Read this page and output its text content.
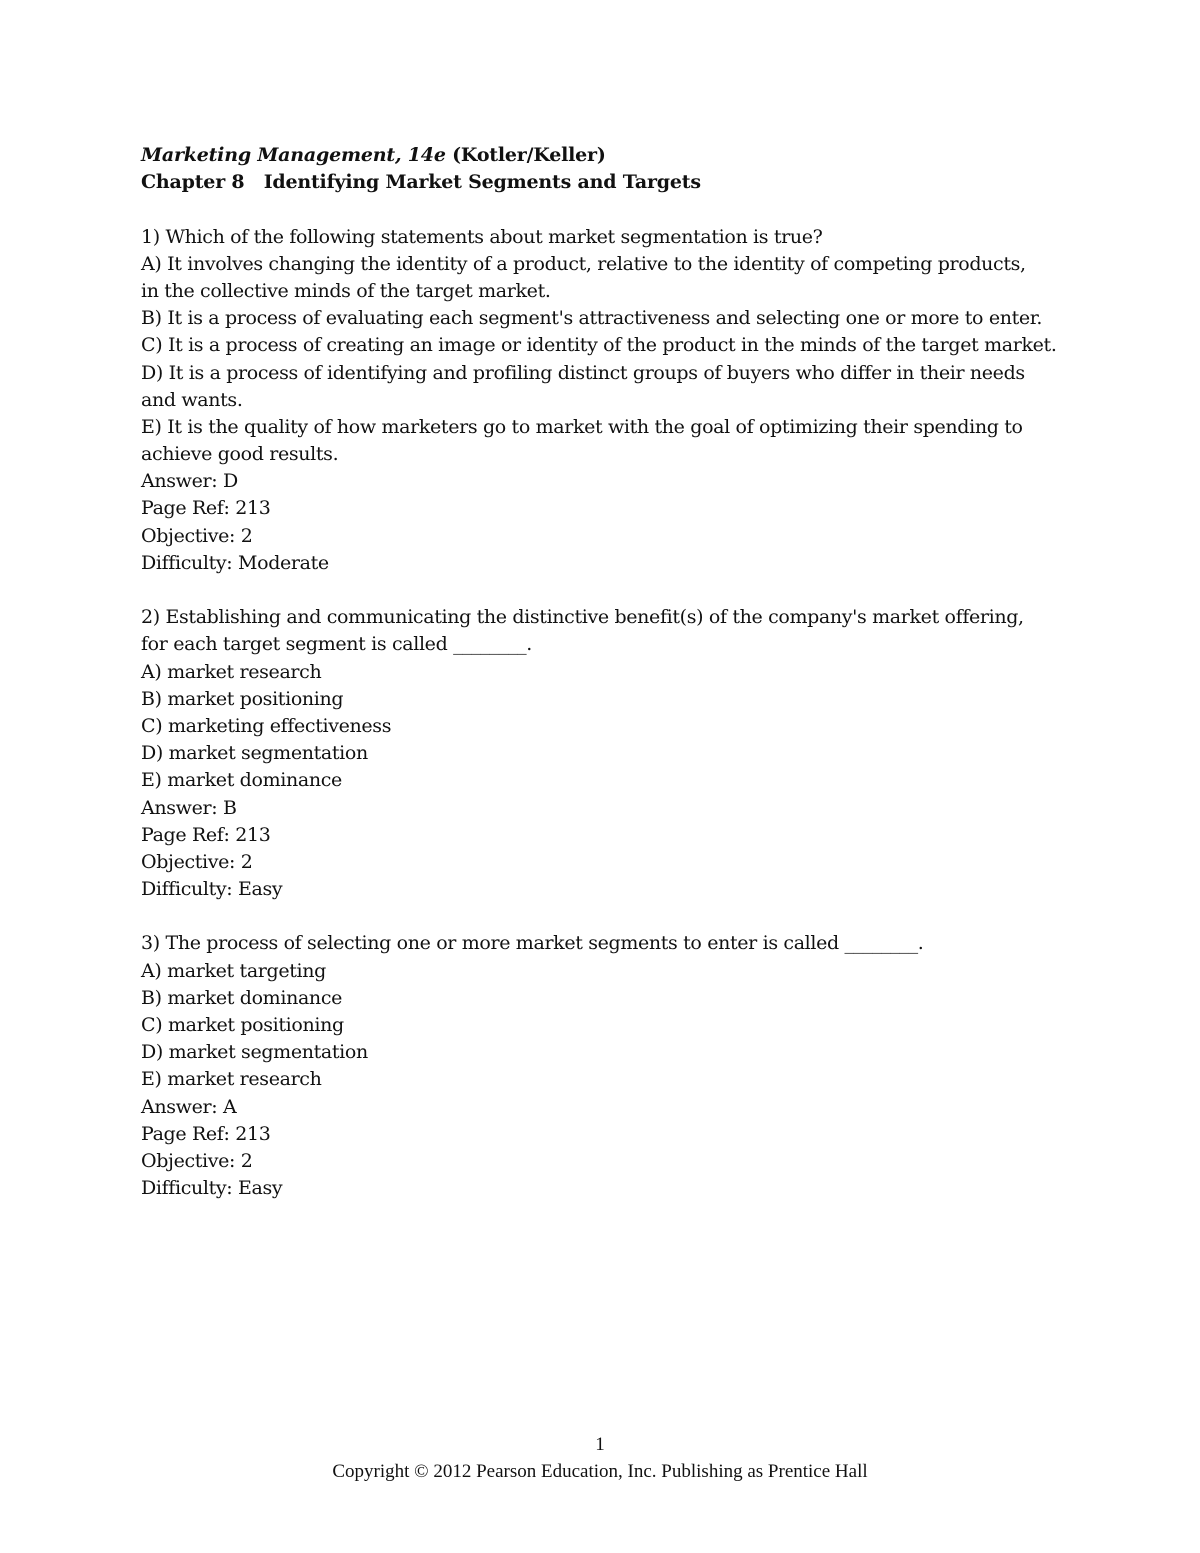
Marketing Management, 14e (Kotler/Keller)
Chapter 8 Identifying Market Segments and Targets
1) Which of the following statements about market segmentation is true?
A) It involves changing the identity of a product, relative to the identity of competing products,
in the collective minds of the target market.
B) It is a process of evaluating each segment's attractiveness and selecting one or more to enter.
C) It is a process of creating an image or identity of the product in the minds of the target market.
D) It is a process of identifying and profiling distinct groups of buyers who differ in their needs
and wants.
E) It is the quality of how marketers go to market with the goal of optimizing their spending to
achieve good results.
Answer: D
Page Ref: 213
Objective: 2
Difficulty: Moderate
2) Establishing and communicating the distinctive benefit(s) of the company's market offering,
for each target segment is called ________.
A) market research
B) market positioning
C) marketing effectiveness
D) market segmentation
E) market dominance
Answer: B
Page Ref: 213
Objective: 2
Difficulty: Easy
3) The process of selecting one or more market segments to enter is called ________.
A) market targeting
B) market dominance
C) market positioning
D) market segmentation
E) market research
Answer: A
Page Ref: 213
Objective: 2
Difficulty: Easy
1
Copyright © 2012 Pearson Education, Inc. Publishing as Prentice Hall
